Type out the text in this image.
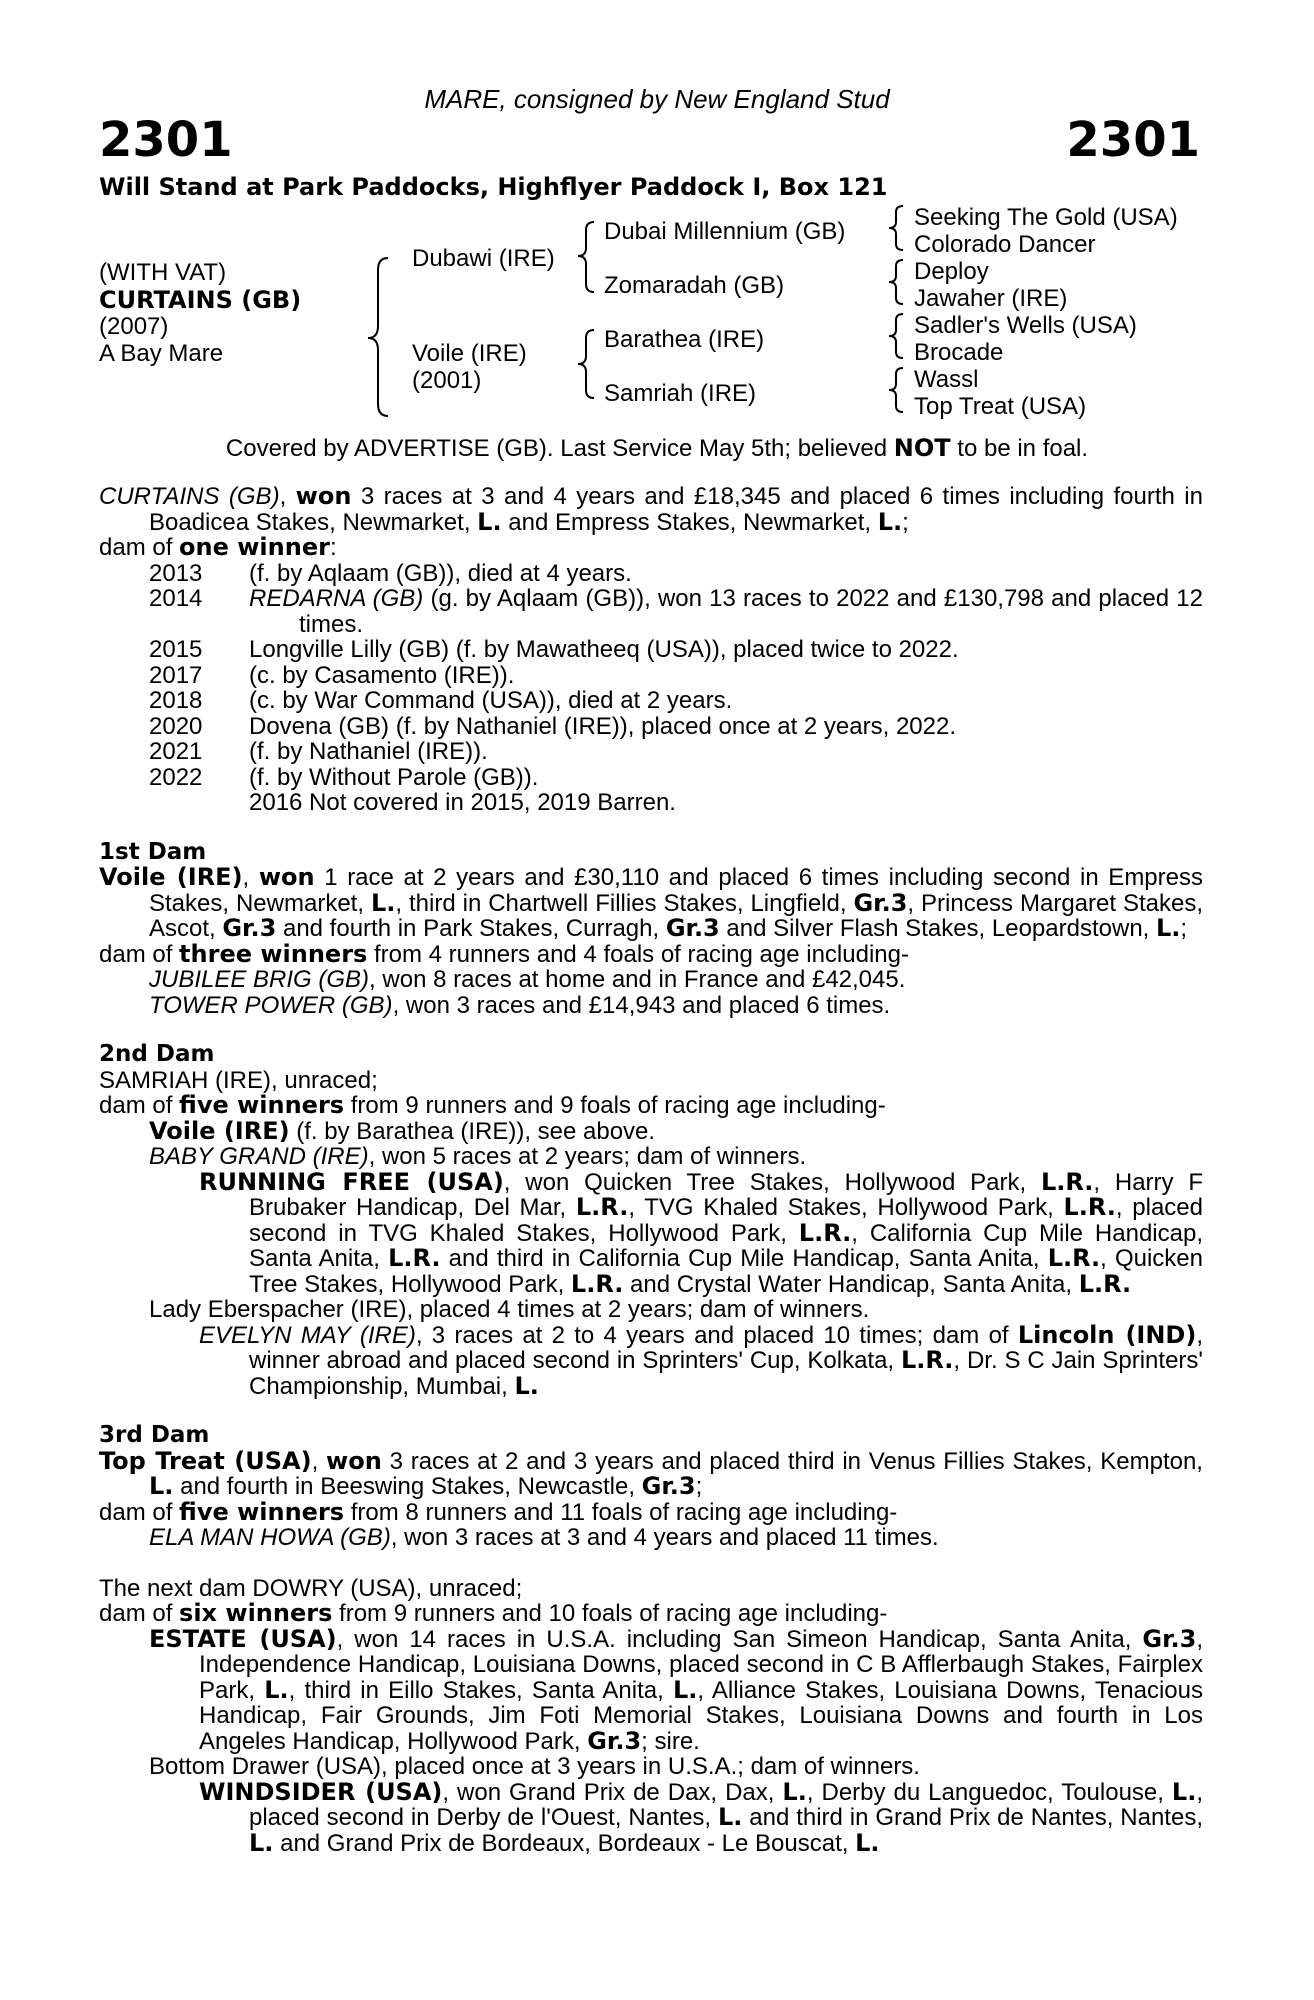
MARE, consigned by New England Stud
2301	2301
Will Stand at Park Paddocks, Highflyer Paddock I, Box 121
(WITH VAT)
CURTAINS (GB)
(2007)
A Bay Mare
Dubawi (IRE)
Voile (IRE)
(2001)
Dubai Millennium (GB)
Zomaradah (GB)
Barathea (IRE)
Samriah (IRE)
Seeking The Gold (USA)
Colorado Dancer
Deploy
Jawaher (IRE)
Sadler's Wells (USA)
Brocade
Wassl
Top Treat (USA)
Covered by ADVERTISE (GB). Last Service May 5th; believed NOT to be in foal.

CURTAINS (GB), won 3 races at 3 and 4 years and £18,345 and placed 6 times including fourth in Boadicea Stakes, Newmarket, L. and Empress Stakes, Newmarket, L.;

dam of one winner:

2013	(f. by Aqlaam (GB)), died at 4 years.
2014	REDARNA (GB) (g. by Aqlaam (GB)), won 13 races to 2022 and £130,798 and placed 12 times.
2015	Longville Lilly (GB) (f. by Mawatheeq (USA)), placed twice to 2022.
2017	(c. by Casamento (IRE)).
2018	(c. by War Command (USA)), died at 2 years.
2020	Dovena (GB) (f. by Nathaniel (IRE)), placed once at 2 years, 2022.
2021	(f. by Nathaniel (IRE)).
2022	(f. by Without Parole (GB)).
2016 Not covered in 2015, 2019 Barren.

1st Dam

Voile (IRE), won 1 race at 2 years and £30,110 and placed 6 times including second in Empress Stakes, Newmarket, L., third in Chartwell Fillies Stakes, Lingfield, Gr.3, Princess Margaret Stakes, Ascot, Gr.3 and fourth in Park Stakes, Curragh, Gr.3 and Silver Flash Stakes, Leopardstown, L.;

dam of three winners from 4 runners and 4 foals of racing age including-

JUBILEE BRIG (GB), won 8 races at home and in France and £42,045.

TOWER POWER (GB), won 3 races and £14,943 and placed 6 times.

2nd Dam

SAMRIAH (IRE), unraced;

dam of five winners from 9 runners and 9 foals of racing age including-

Voile (IRE) (f. by Barathea (IRE)), see above.

BABY GRAND (IRE), won 5 races at 2 years; dam of winners.

RUNNING FREE (USA), won Quicken Tree Stakes, Hollywood Park, L.R., Harry F Brubaker Handicap, Del Mar, L.R., TVG Khaled Stakes, Hollywood Park, L.R., placed second in TVG Khaled Stakes, Hollywood Park, L.R., California Cup Mile Handicap, Santa Anita, L.R. and third in California Cup Mile Handicap, Santa Anita, L.R., Quicken Tree Stakes, Hollywood Park, L.R. and Crystal Water Handicap, Santa Anita, L.R.

Lady Eberspacher (IRE), placed 4 times at 2 years; dam of winners.

EVELYN MAY (IRE), 3 races at 2 to 4 years and placed 10 times; dam of Lincoln (IND), winner abroad and placed second in Sprinters' Cup, Kolkata, L.R., Dr. S C Jain Sprinters' Championship, Mumbai, L.

3rd Dam

Top Treat (USA), won 3 races at 2 and 3 years and placed third in Venus Fillies Stakes, Kempton, L. and fourth in Beeswing Stakes, Newcastle, Gr.3;

dam of five winners from 8 runners and 11 foals of racing age including-

ELA MAN HOWA (GB), won 3 races at 3 and 4 years and placed 11 times.

The next dam DOWRY (USA), unraced;

dam of six winners from 9 runners and 10 foals of racing age including-

ESTATE (USA), won 14 races in U.S.A. including San Simeon Handicap, Santa Anita, Gr.3, Independence Handicap, Louisiana Downs, placed second in C B Afflerbaugh Stakes, Fairplex Park, L., third in Eillo Stakes, Santa Anita, L., Alliance Stakes, Louisiana Downs, Tenacious Handicap, Fair Grounds, Jim Foti Memorial Stakes, Louisiana Downs and fourth in Los Angeles Handicap, Hollywood Park, Gr.3; sire.

Bottom Drawer (USA), placed once at 3 years in U.S.A.; dam of winners.

WINDSIDER (USA), won Grand Prix de Dax, Dax, L., Derby du Languedoc, Toulouse, L., placed second in Derby de l'Ouest, Nantes, L. and third in Grand Prix de Nantes, Nantes, L. and Grand Prix de Bordeaux, Bordeaux - Le Bouscat, L.
